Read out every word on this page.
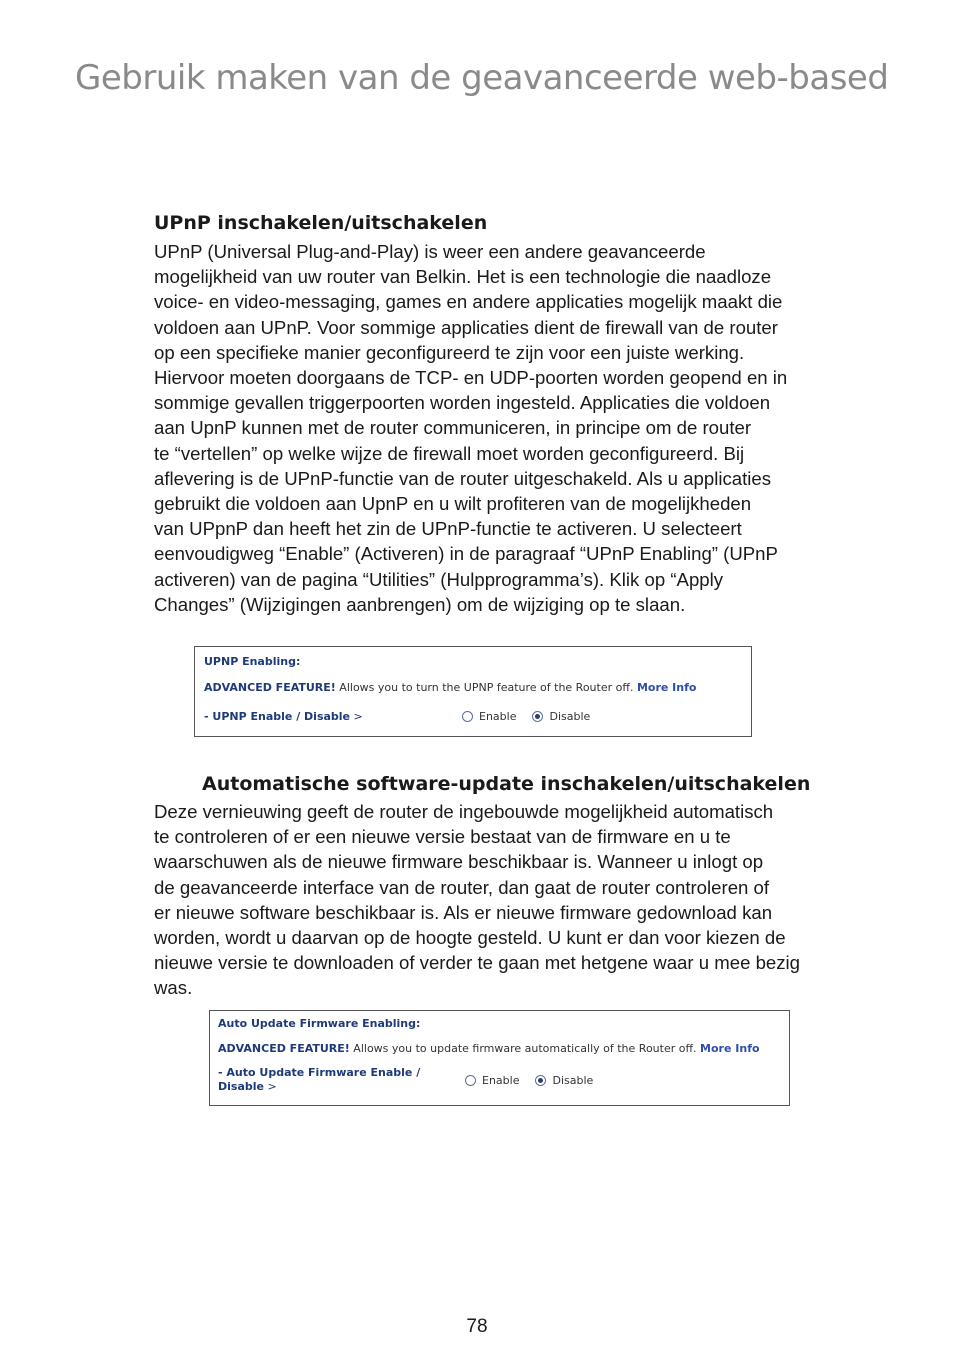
Gebruik maken van de geavanceerde web-based
UPnP inschakelen/uitschakelen
UPnP (Universal Plug-and-Play) is weer een andere geavanceerde
mogelijkheid van uw router van Belkin. Het is een technologie die naadloze
voice- en video-messaging, games en andere applicaties mogelijk maakt die
voldoen aan UPnP. Voor sommige applicaties dient de firewall van de router
op een specifieke manier geconfigureerd te zijn voor een juiste werking.
Hiervoor moeten doorgaans de TCP- en UDP-poorten worden geopend en in
sommige gevallen triggerpoorten worden ingesteld. Applicaties die voldoen
aan UpnP kunnen met de router communiceren, in principe om de router
te “vertellen” op welke wijze de firewall moet worden geconfigureerd. Bij
aflevering is de UPnP-functie van de router uitgeschakeld. Als u applicaties
gebruikt die voldoen aan UpnP en u wilt profiteren van de mogelijkheden
van UPpnP dan heeft het zin de UPnP-functie te activeren. U selecteert
eenvoudigweg “Enable” (Activeren) in de paragraaf “UPnP Enabling” (UPnP
activeren) van de pagina “Utilities” (Hulpprogramma’s). Klik op “Apply
Changes” (Wijzigingen aanbrengen) om de wijziging op te slaan.
UPNP Enabling:
ADVANCED FEATURE! Allows you to turn the UPNP feature of the Router off. More Info
- UPNP Enable / Disable >	Enable	Disable
Automatische software-update inschakelen/uitschakelen
Deze vernieuwing geeft de router de ingebouwde mogelijkheid automatisch
te controleren of er een nieuwe versie bestaat van de firmware en u te
waarschuwen als de nieuwe firmware beschikbaar is. Wanneer u inlogt op
de geavanceerde interface van de router, dan gaat de router controleren of
er nieuwe software beschikbaar is. Als er nieuwe firmware gedownload kan
worden, wordt u daarvan op de hoogte gesteld. U kunt er dan voor kiezen de
nieuwe versie te downloaden of verder te gaan met hetgene waar u mee bezig
was.
Auto Update Firmware Enabling:
ADVANCED FEATURE! Allows you to update firmware automatically of the Router off. More Info
- Auto Update Firmware Enable /
Disable >	Enable	Disable
78
